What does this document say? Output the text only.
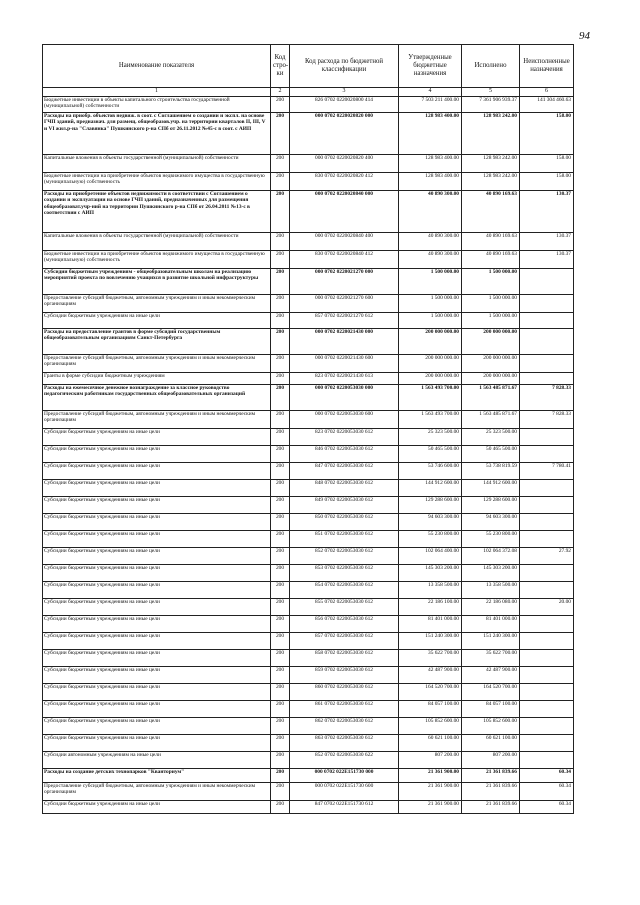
94
Наименование показателя	Код стро- ки	Код расхода по бюджетной классификации	Утвержденные бюджетные назначения	Исполнено	Неисполненные назначения
1	2	3	4	5	6
Бюджетные инвестиции в объекты капитального строительства государственной (муниципальной) собственности	200	826 0702 0220020800 414	7 503 211 400.00	7 361 906 939.37	141 304 460.63
Расходы на приобр. объектов недвиж. в соот. с Соглашением о создании и экспл. на основе ГЧП зданий, предназнач. для размещ. общеобразов.учр. на территории кварталов II, III, V и VI жил.р-на "Славянка" Пушкинского р-на СПб от 26.11.2012 №45-с в соот. с АИП	200	000 0702 0220020820 000	128 983 400.00	128 983 242.00	158.00
Капитальные вложения в объекты государственной (муниципальной) собственности	200	000 0702 0220020820 400	128 983 400.00	128 983 242.00	158.00
Бюджетные инвестиции на приобретение объектов недвижимого имущества в государственную (муниципальную) собственность	200	830 0702 0220020820 412	128 983 400.00	128 983 242.00	158.00
Расходы на приобретение объектов недвижимости в соответствии с Соглашением о создании и эксплуатации на основе ГЧП зданий, предназначенных для размещения общеобразоват.учр-ний на территории Пушкинского р-на СПб от 26.04.2011 №13-с в соответствии с АИП	200	000 0702 0220020840 000	40 890 300.00	40 890 169.63	130.37
Капитальные вложения в объекты государственной (муниципальной) собственности	200	000 0702 0220020840 400	40 890 300.00	40 890 169.63	130.37
Бюджетные инвестиции на приобретение объектов недвижимого имущества в государственную (муниципальную) собственность	200	830 0702 0220020840 412	40 890 300.00	40 890 169.63	130.37
Субсидии бюджетным учреждениям - общеобразовательным школам на реализацию мероприятий проекта по вовлечению учащихся в развитие школьной инфраструктуры	200	000 0702 0220021270 000	1 500 000.00	1 500 000.00	
Предоставление субсидий бюджетным, автономным учреждениям и иным некоммерческим организациям	200	000 0702 0220021270 600	1 500 000.00	1 500 000.00	
Субсидии бюджетным учреждениям на иные цели	200	857 0702 0220021270 612	1 500 000.00	1 500 000.00	
Расходы на предоставление грантов в форме субсидий государственным общеобразовательным организациям Санкт-Петербурга	200	000 0702 0220021430 000	200 000 000.00	200 000 000.00	
Предоставление субсидий бюджетным, автономным учреждениям и иным некоммерческим организациям	200	000 0702 0220021430 600	200 000 000.00	200 000 000.00	
Гранты в форме субсидии бюджетным учреждениям	200	823 0702 0220021430 613	200 000 000.00	200 000 000.00	
Расходы на ежемесячное денежное вознаграждение за классное руководство педагогическим работникам государственных общеобразовательных организаций	200	000 0702 0220053030 000	1 563 493 700.00	1 563 485 871.67	7 828.33
Предоставление субсидий бюджетным, автономным учреждениям и иным некоммерческим организациям	200	000 0702 0220053030 600	1 563 493 700.00	1 563 485 871.67	7 828.33
Субсидии бюджетным учреждениям на иные цели	200	823 0702 0220053030 612	25 323 500.00	25 323 500.00	
Субсидии бюджетным учреждениям на иные цели	200	846 0702 0220053030 612	50 465 500.00	50 465 500.00	
Субсидии бюджетным учреждениям на иные цели	200	847 0702 0220053030 612	53 746 600.00	53 738 819.59	7 780.41
Субсидии бюджетным учреждениям на иные цели	200	848 0702 0220053030 612	144 912 600.00	144 912 600.00	
Субсидии бюджетным учреждениям на иные цели	200	849 0702 0220053030 612	129 288 600.00	129 288 600.00	
Субсидии бюджетным учреждениям на иные цели	200	850 0702 0220053030 612	94 603 300.00	94 603 300.00	
Субсидии бюджетным учреждениям на иные цели	200	851 0702 0220053030 612	55 230 800.00	55 230 800.00	
Субсидии бюджетным учреждениям на иные цели	200	852 0702 0220053030 612	102 064 400.00	102 064 372.08	27.92
Субсидии бюджетным учреждениям на иные цели	200	853 0702 0220053030 612	145 303 200.00	145 303 200.00	
Субсидии бюджетным учреждениям на иные цели	200	854 0702 0220053030 612	13 358 500.00	13 358 500.00	
Субсидии бюджетным учреждениям на иные цели	200	855 0702 0220053030 612	22 186 100.00	22 186 080.00	20.00
Субсидии бюджетным учреждениям на иные цели	200	856 0702 0220053030 612	81 401 000.00	81 401 000.00	
Субсидии бюджетным учреждениям на иные цели	200	857 0702 0220053030 612	151 240 300.00	151 240 300.00	
Субсидии бюджетным учреждениям на иные цели	200	858 0702 0220053030 612	35 622 700.00	35 622 700.00	
Субсидии бюджетным учреждениям на иные цели	200	859 0702 0220053030 612	42 487 900.00	42 487 900.00	
Субсидии бюджетным учреждениям на иные цели	200	860 0702 0220053030 612	164 520 700.00	164 520 700.00	
Субсидии бюджетным учреждениям на иные цели	200	861 0702 0220053030 612	84 057 100.00	84 057 100.00	
Субсидии бюджетным учреждениям на иные цели	200	862 0702 0220053030 612	105 852 600.00	105 852 600.00	
Субсидии бюджетным учреждениям на иные цели	200	863 0702 0220053030 612	60 621 100.00	60 621 100.00	
Субсидии автономным учреждениям на иные цели	200	852 0702 0220053030 622	807 200.00	807 200.00	
Расходы на создание детских технопарков "Кванториум"	200	000 0702 022E151730 000	21 361 900.00	21 361 839.66	60.34
Предоставление субсидий бюджетным, автономным учреждениям и иным некоммерческим организациям	200	000 0702 022E151730 600	21 361 900.00	21 361 839.66	60.34
Субсидии бюджетным учреждениям на иные цели	200	847 0702 022E151730 612	21 361 900.00	21 361 839.66	60.34
